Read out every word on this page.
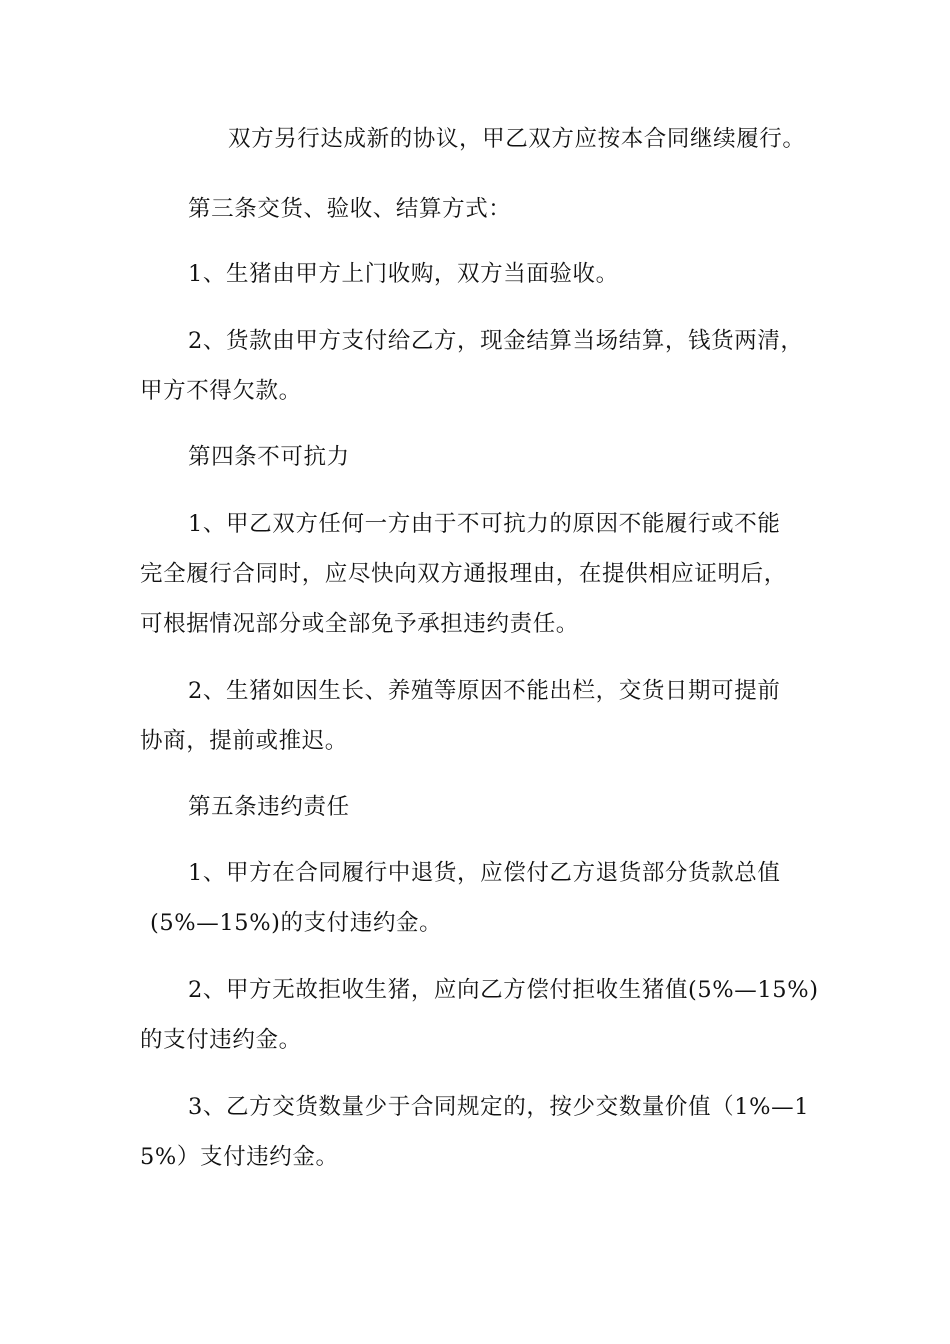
双方另行达成新的协议，甲乙双方应按本合同继续履行。
第三条交货、验收、结算方式：
1、生猪由甲方上门收购，双方当面验收。
2、货款由甲方支付给乙方，现金结算当场结算，钱货两清，
甲方不得欠款。
第四条不可抗力
1、甲乙双方任何一方由于不可抗力的原因不能履行或不能
完全履行合同时，应尽快向双方通报理由，在提供相应证明后，
可根据情况部分或全部免予承担违约责任。
2、生猪如因生长、养殖等原因不能出栏，交货日期可提前
协商，提前或推迟。
第五条违约责任
1、甲方在合同履行中退货，应偿付乙方退货部分货款总值
(5%—15%)的支付违约金。
2、甲方无故拒收生猪，应向乙方偿付拒收生猪值(5%—15%)
的支付违约金。
3、乙方交货数量少于合同规定的，按少交数量价值（1%—1
5%）支付违约金。
